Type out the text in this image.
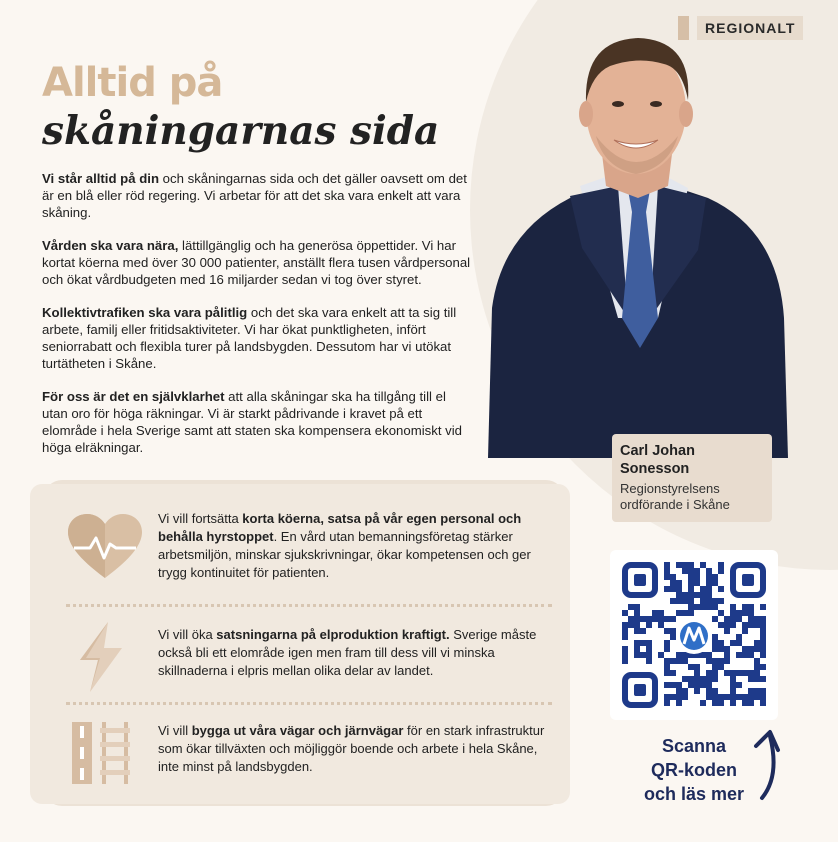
REGIONALT
Alltid på
skåningarnas sida

Vi står alltid på din och skåningarnas sida och det gäller oavsett om det är en blå eller röd regering. Vi arbetar för att det ska vara enkelt att vara skåning.

Vården ska vara nära, lättillgänglig och ha generösa öppettider. Vi har kortat köerna med över 30 000 patienter, anställt flera tusen vårdpersonal och ökat vårdbudgeten med 16 miljarder sedan vi tog över styret.

Kollektivtrafiken ska vara pålitlig och det ska vara enkelt att ta sig till arbete, familj eller fritidsaktiviteter. Vi har ökat punktligheten, infört seniorrabatt och flexibla turer på landsbygden. Dessutom har vi utökat turtätheten i Skåne.

För oss är det en självklarhet att alla skåningar ska ha tillgång till el utan oro för höga räkningar. Vi är starkt pådrivande i kravet på ett elområde i hela Sverige samt att staten ska kompensera ekonomiskt vid höga elräkningar.	Carl Johan
Sonesson
Regionstyrelsens
ordförande i Skåne
Vi vill fortsätta korta köerna, satsa på vår egen personal och behålla hyrstoppet. En vård utan bemanningsföretag stärker arbetsmiljön, minskar sjukskrivningar, ökar kompetensen och ger trygg kontinuitet för patienten.
Vi vill öka satsningarna på elproduktion kraftigt. Sverige måste också bli ett elområde igen men fram till dess vill vi minska skillnaderna i elpris mellan olika delar av landet.
Vi vill bygga ut våra vägar och järnvägar för en stark infrastruktur som ökar tillväxten och möjliggör boende och arbete i hela Skåne, inte minst på landsbygden.
Scanna
QR-koden
och läs mer
